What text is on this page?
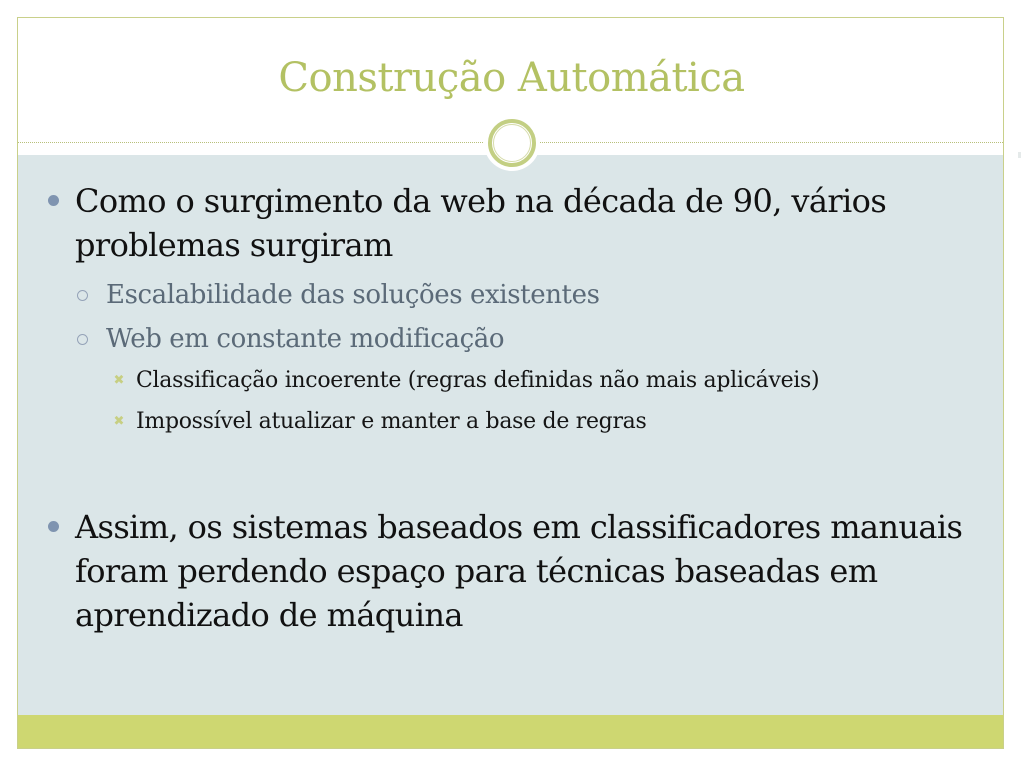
Construção Automática
Como o surgimento da web na década de 90, vários problemas surgiram
Escalabilidade das soluções existentes
Web em constante modificação
✖ Classificação incoerente (regras definidas não mais aplicáveis)
✖ Impossível atualizar e manter a base de regras
Assim, os sistemas baseados em classificadores manuais foram perdendo espaço para técnicas baseadas em aprendizado de máquina
